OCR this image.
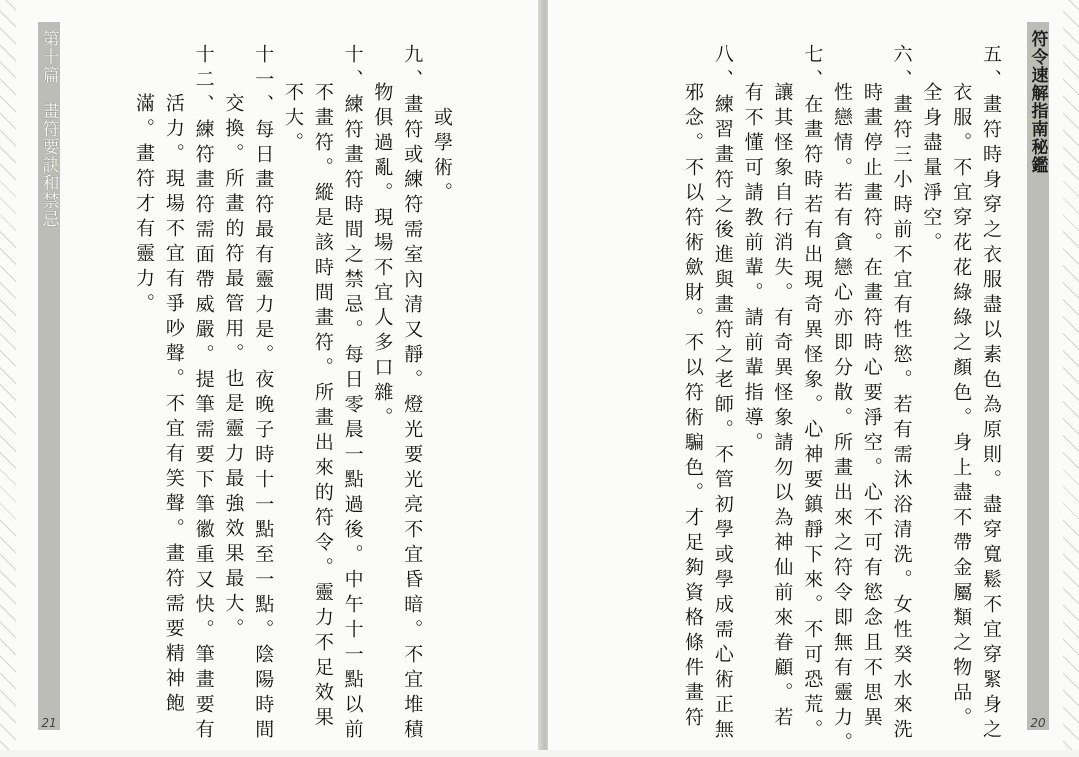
第十篇　畫符要訣和禁忌
21

或學術。

九、畫符或練符需室內清又靜。燈光要光亮不宜昏暗。不宜堆積

物俱過亂。現場不宜人多口雜。

十、練符畫符時間之禁忌。每日零晨一點過後。中午十一點以前

不畫符。縱是該時間畫符。所畫出來的符令。靈力不足效果

不大。

十一、每日畫符最有靈力是。夜晚子時十一點至一點。陰陽時間

交換。所畫的符最管用。也是靈力最強效果最大。

十二、練符畫符需面帶威嚴。提筆需要下筆徽重又快。筆畫要有

活力。現場不宜有爭吵聲。不宜有笑聲。畫符需要精神飽

滿。畫符才有靈力。	五、畫符時身穿之衣服盡以素色為原則。盡穿寬鬆不宜穿緊身之

衣服。不宜穿花花綠綠之顏色。身上盡不帶金屬類之物品。

全身盡量淨空。

六、畫符三小時前不宜有性慾。若有需沐浴清洗。女性癸水來洗

時畫停止畫符。在畫符時心要淨空。心不可有慾念且不思異

性戀情。若有貪戀心亦即分散。所畫出來之符令即無有靈力。

七、在畫符時若有出現奇異怪象。心神要鎮靜下來。不可恐荒。

讓其怪象自行消失。有奇異怪象請勿以為神仙前來眷顧。若

有不懂可請教前輩。請前輩指導。

八、練習畫符之後進與畫符之老師。不管初學或學成需心術正無

邪念。不以符術歛財。不以符術騙色。才足夠資格條件畫符	符令速解指南秘鑑
20
